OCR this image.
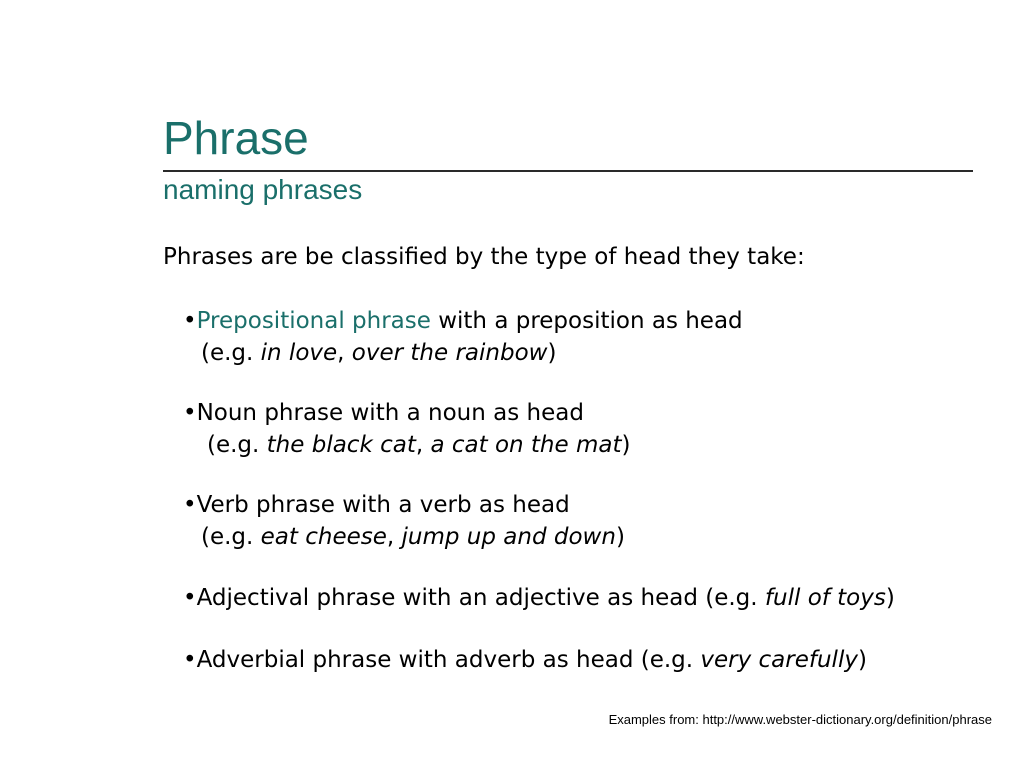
Phrase
naming phrases
Phrases are be classified by the type of head they take:
•Prepositional phrase with a preposition as head
(e.g. in love, over the rainbow)
•Noun phrase with a noun as head
(e.g. the black cat, a cat on the mat)
•Verb phrase with a verb as head
(e.g. eat cheese, jump up and down)
•Adjectival phrase with an adjective as head (e.g. full of toys)
•Adverbial phrase with adverb as head (e.g. very carefully)
Examples from: http://www.webster-dictionary.org/definition/phrase
